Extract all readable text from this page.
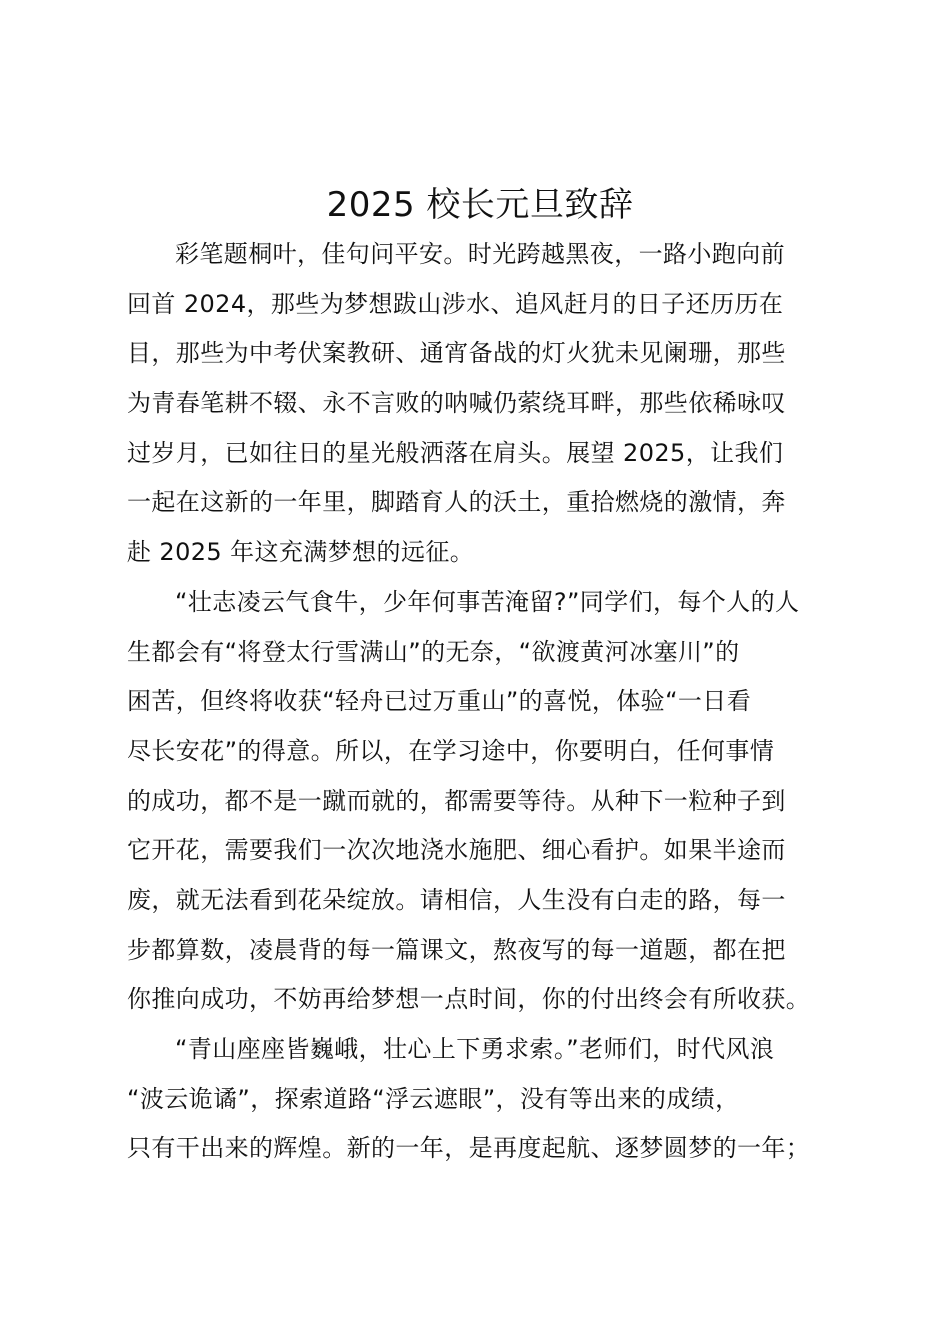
2025 校长元旦致辞
彩笔题桐叶，佳句问平安。时光跨越黑夜，一路小跑向前
回首 2024，那些为梦想跋山涉水、追风赶月的日子还历历在
目，那些为中考伏案教研、通宵备战的灯火犹未见阑珊，那些
为青春笔耕不辍、永不言败的呐喊仍萦绕耳畔，那些依稀咏叹
过岁月，已如往日的星光般洒落在肩头。展望 2025，让我们
一起在这新的一年里，脚踏育人的沃土，重拾燃烧的激情，奔
赴 2025 年这充满梦想的远征。
“壮志凌云气食牛，少年何事苦淹留?”同学们，每个人的人
生都会有“将登太行雪满山”的无奈，“欲渡黄河冰塞川”的
困苦，但终将收获“轻舟已过万重山”的喜悦，体验“一日看
尽长安花”的得意。所以，在学习途中，你要明白，任何事情
的成功，都不是一蹴而就的，都需要等待。从种下一粒种子到
它开花，需要我们一次次地浇水施肥、细心看护。如果半途而
废，就无法看到花朵绽放。请相信，人生没有白走的路，每一
步都算数，凌晨背的每一篇课文，熬夜写的每一道题，都在把
你推向成功，不妨再给梦想一点时间，你的付出终会有所收获。
“青山座座皆巍峨，壮心上下勇求索。”老师们，时代风浪
“波云诡谲”，探索道路“浮云遮眼”，没有等出来的成绩，
只有干出来的辉煌。新的一年，是再度起航、逐梦圆梦的一年；
